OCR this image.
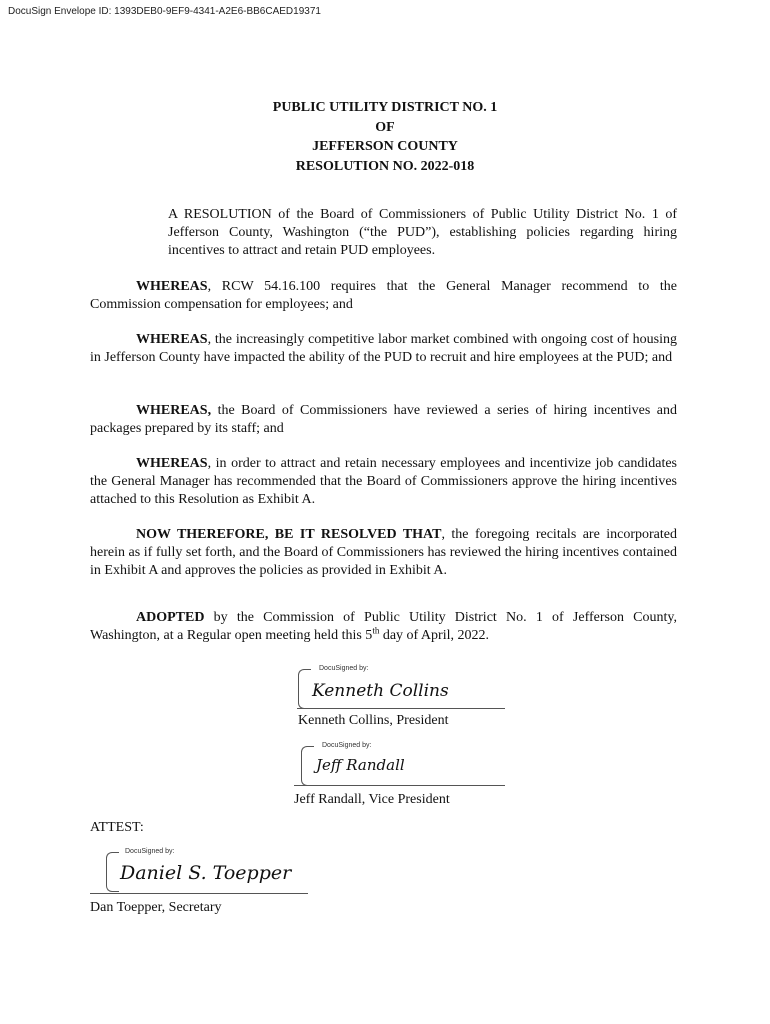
DocuSign Envelope ID: 1393DEB0-9EF9-4341-A2E6-BB6CAED19371
PUBLIC UTILITY DISTRICT NO. 1
OF
JEFFERSON COUNTY
RESOLUTION NO. 2022-018
A RESOLUTION of the Board of Commissioners of Public Utility District No. 1 of Jefferson County, Washington (“the PUD”), establishing policies regarding hiring incentives to attract and retain PUD employees.
WHEREAS, RCW 54.16.100 requires that the General Manager recommend to the Commission compensation for employees; and
WHEREAS, the increasingly competitive labor market combined with ongoing cost of housing in Jefferson County have impacted the ability of the PUD to recruit and hire employees at the PUD; and
WHEREAS, the Board of Commissioners have reviewed a series of hiring incentives and packages prepared by its staff; and
WHEREAS, in order to attract and retain necessary employees and incentivize job candidates the General Manager has recommended that the Board of Commissioners approve the hiring incentives attached to this Resolution as Exhibit A.
NOW THEREFORE, BE IT RESOLVED THAT, the foregoing recitals are incorporated herein as if fully set forth, and the Board of Commissioners has reviewed the hiring incentives contained in Exhibit A and approves the policies as provided in Exhibit A.
ADOPTED by the Commission of Public Utility District No. 1 of Jefferson County, Washington, at a Regular open meeting held this 5th day of April, 2022.
DocuSigned by:
Kenneth Collins
Kenneth Collins, President
DocuSigned by:
Jeff Randall
Jeff Randall, Vice President
ATTEST:
DocuSigned by:
Daniel S. Toepper
Dan Toepper, Secretary
